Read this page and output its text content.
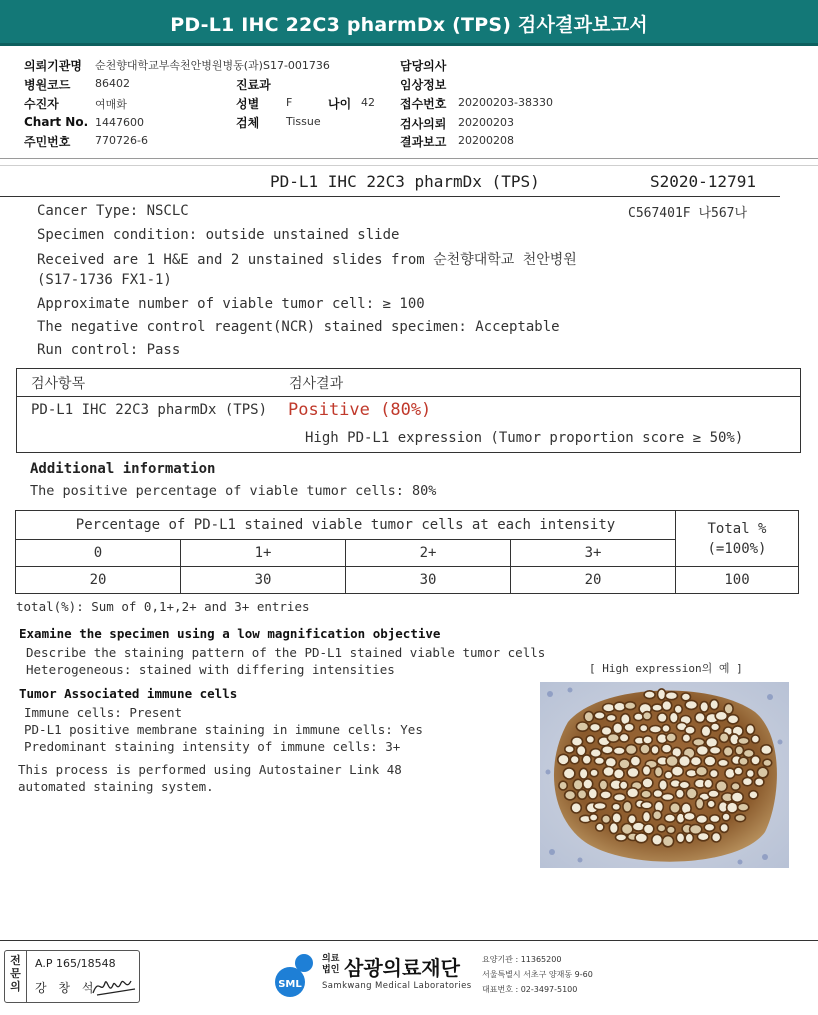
PD-L1 IHC 22C3 pharmDx (TPS) 검사결과보고서
의뢰기관명 순천향대학교부속천안병원병동(과)S17-001736
병원코드 86402	진료과
수진자	여매화	성별 F	나이 42
Chart No. 1447600	검체 Tissue
주민번호 770726-6
담당의사
임상정보
접수번호 20200203-38330
검사의뢰 20200203
결과보고 20200208
PD-L1 IHC 22C3 pharmDx (TPS)	S2020-12791
C567401F 나567나
Cancer Type: NSCLC
Specimen condition: outside unstained slide
Received are 1 H&E and 2 unstained slides from 순천향대학교 천안병원
(S17-1736 FX1-1)
Approximate number of viable tumor cell: ≥ 100
The negative control reagent(NCR) stained specimen: Acceptable
Run control: Pass
검사항목	검사결과
PD-L1 IHC 22C3 pharmDx (TPS) Positive (80%)
High PD-L1 expression (Tumor proportion score ≥ 50%)
Additional information
The positive percentage of viable tumor cells: 80%
Percentage of PD-L1 stained viable tumor cells at each intensity				Total %
(=100%)
0	1+	2+	3+	
20	30	30	20	100
total(%): Sum of 0,1+,2+ and 3+ entries
Examine the specimen using a low magnification objective
Describe the staining pattern of the PD-L1 stained viable tumor cells
Heterogeneous: stained with differing intensities
Tumor Associated immune cells
Immune cells: Present
PD-L1 positive membrane staining in immune cells: Yes
Predominant staining intensity of immune cells: 3+
This process is performed using Autostainer Link 48
automated staining system.
[ High expression의 예 ]
전
문
의
A.P 165/18548
강 창 석	SML
의료
법인 삼광의료재단
Samkwang Medical Laboratories
요양기관 : 11365200
서울특별시 서초구 양재동 9-60
대표번호 : 02-3497-5100
